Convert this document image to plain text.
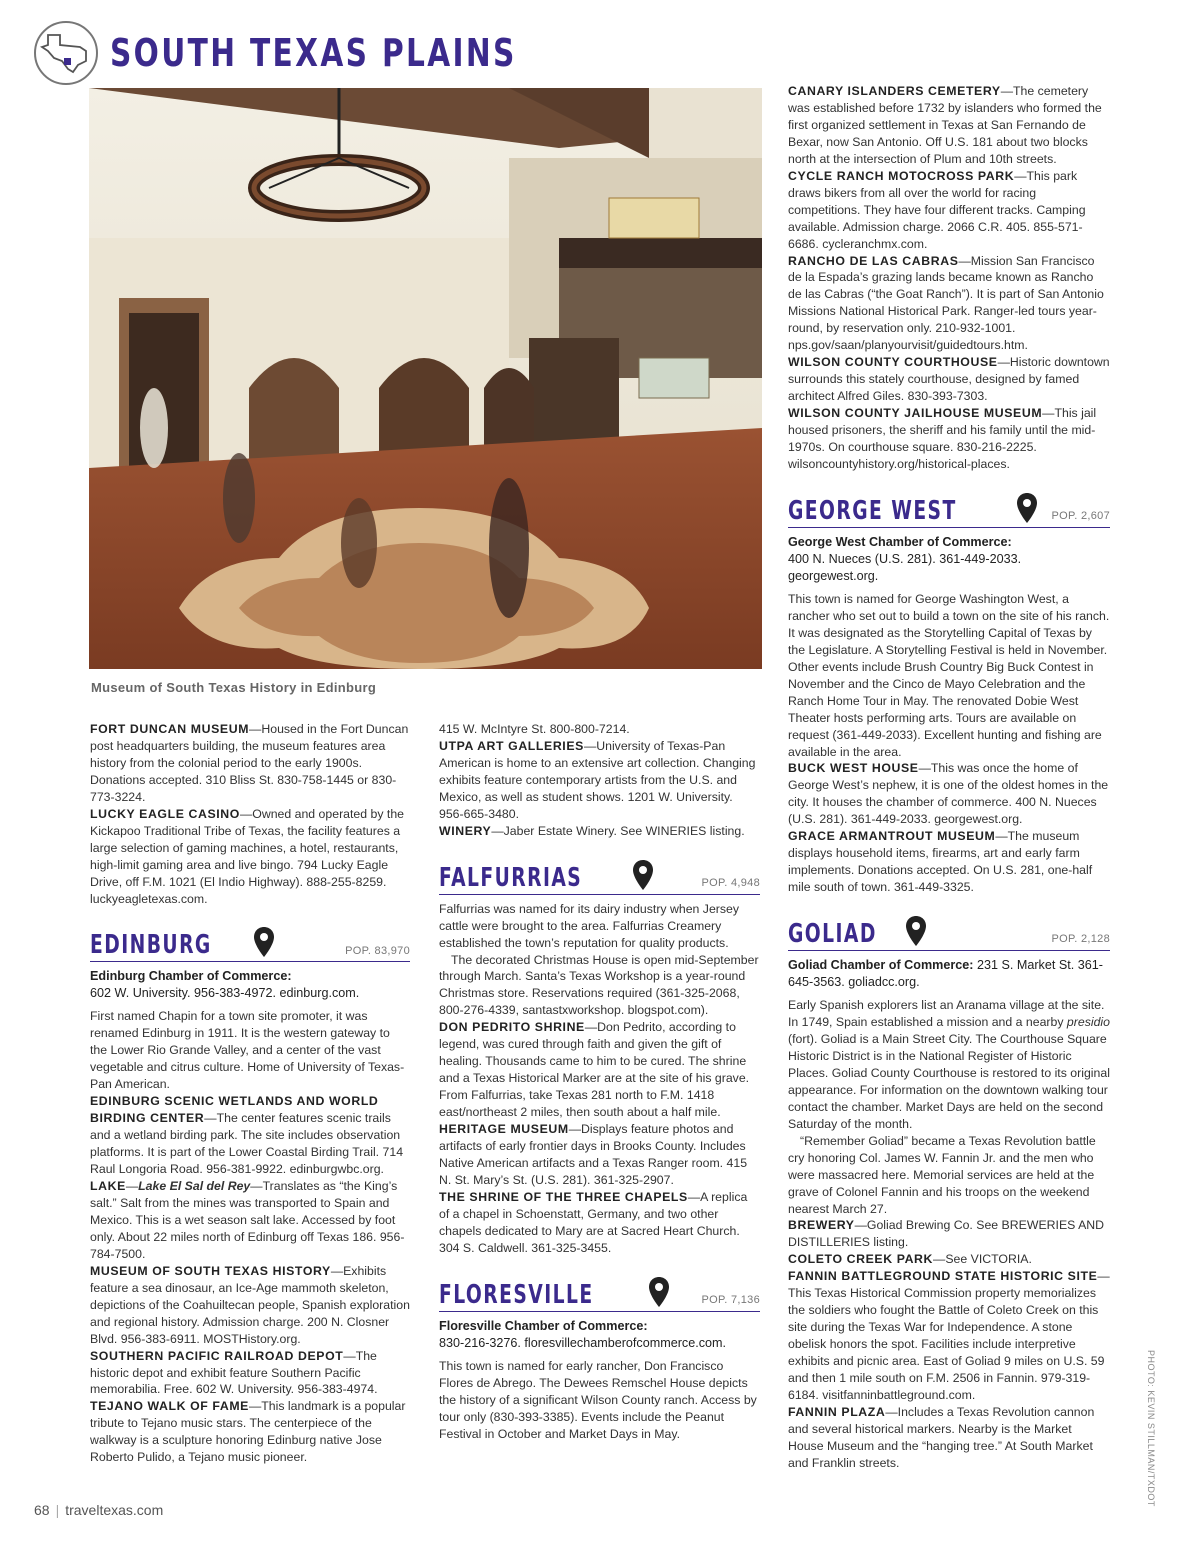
SOUTH TEXAS PLAINS
Museum of South Texas History in Edinburg

FORT DUNCAN MUSEUM—Housed in the Fort Duncan post headquarters building, the museum features area history from the colonial period to the early 1900s. Donations accepted. 310 Bliss St. 830-758-1445 or 830-773-3224.

LUCKY EAGLE CASINO—Owned and operated by the Kickapoo Traditional Tribe of Texas, the facility features a large selection of gaming machines, a hotel, restaurants, high-limit gaming area and live bingo. 794 Lucky Eagle Drive, off F.M. 1021 (El Indio Highway). 888-255-8259. luckyeagletexas.com.

EDINBURG	POP. 83,970
Edinburg Chamber of Commerce:
602 W. University. 956-383-4972. edinburg.com.

First named Chapin for a town site promoter, it was renamed Edinburg in 1911. It is the western gateway to the Lower Rio Grande Valley, and a center of the vast vegetable and citrus culture. Home of University of Texas-Pan American.

EDINBURG SCENIC WETLANDS AND WORLD BIRDING CENTER—The center features scenic trails and a wetland birding park. The site includes observation platforms. It is part of the Lower Coastal Birding Trail. 714 Raul Longoria Road. 956-381-9922. edinburgwbc.org.

LAKE—Lake El Sal del Rey—Translates as “the King’s salt.” Salt from the mines was transported to Spain and Mexico. This is a wet season salt lake. Accessed by foot only. About 22 miles north of Edinburg off Texas 186. 956-784-7500.

MUSEUM OF SOUTH TEXAS HISTORY—Exhibits feature a sea dinosaur, an Ice-Age mammoth skeleton, depictions of the Coahuiltecan people, Spanish exploration and regional history. Admission charge. 200 N. Closner Blvd. 956-383-6911. MOSTHistory.org.

SOUTHERN PACIFIC RAILROAD DEPOT—The historic depot and exhibit feature Southern Pacific memorabilia. Free. 602 W. University. 956-383-4974.

TEJANO WALK OF FAME—This landmark is a popular tribute to Tejano music stars. The centerpiece of the walkway is a sculpture honoring Edinburg native Jose Roberto Pulido, a Tejano music pioneer.

415 W. McIntyre St. 800-800-7214.

UTPA ART GALLERIES—University of Texas-Pan American is home to an extensive art collection. Changing exhibits feature contemporary artists from the U.S. and Mexico, as well as student shows. 1201 W. University. 956-665-3480.

WINERY—Jaber Estate Winery. See WINERIES listing.

FALFURRIAS	POP. 4,948

Falfurrias was named for its dairy industry when Jersey cattle were brought to the area. Falfurrias Creamery established the town’s reputation for quality products.

The decorated Christmas House is open mid-September through March. Santa’s Texas Workshop is a year-round Christmas store. Reservations required (361-325-2068, 800-276-4339, santastxworkshop. blogspot.com).

DON PEDRITO SHRINE—Don Pedrito, according to legend, was cured through faith and given the gift of healing. Thousands came to him to be cured. The shrine and a Texas Historical Marker are at the site of his grave. From Falfurrias, take Texas 281 north to F.M. 1418 east/northeast 2 miles, then south about a half mile.

HERITAGE MUSEUM—Displays feature photos and artifacts of early frontier days in Brooks County. Includes Native American artifacts and a Texas Ranger room. 415 N. St. Mary’s St. (U.S. 281). 361-325-2907.

THE SHRINE OF THE THREE CHAPELS—A replica of a chapel in Schoenstatt, Germany, and two other chapels dedicated to Mary are at Sacred Heart Church. 304 S. Caldwell. 361-325-3455.

FLORESVILLE	POP. 7,136
Floresville Chamber of Commerce:
830-216-3276. floresvillechamberofcommerce.com.

This town is named for early rancher, Don Francisco Flores de Abrego. The Dewees Remschel House depicts the history of a significant Wilson County ranch. Access by tour only (830-393-3385). Events include the Peanut Festival in October and Market Days in May.

CANARY ISLANDERS CEMETERY—The cemetery was established before 1732 by islanders who formed the first organized settlement in Texas at San Fernando de Bexar, now San Antonio. Off U.S. 181 about two blocks north at the intersection of Plum and 10th streets.

CYCLE RANCH MOTOCROSS PARK—This park draws bikers from all over the world for racing competitions. They have four different tracks. Camping available. Admission charge. 2066 C.R. 405. 855-571-6686. cycleranchmx.com.

RANCHO DE LAS CABRAS—Mission San Francisco de la Espada’s grazing lands became known as Rancho de las Cabras (“the Goat Ranch”). It is part of San Antonio Missions National Historical Park. Ranger-led tours year-round, by reservation only. 210-932-1001. nps.gov/saan/planyourvisit/guidedtours.htm.

WILSON COUNTY COURTHOUSE—Historic downtown surrounds this stately courthouse, designed by famed architect Alfred Giles. 830-393-7303.

WILSON COUNTY JAILHOUSE MUSEUM—This jail housed prisoners, the sheriff and his family until the mid-1970s. On courthouse square. 830-216-2225. wilsoncountyhistory.org/historical-places.

GEORGE WEST	POP. 2,607
George West Chamber of Commerce:
400 N. Nueces (U.S. 281). 361-449-2033. georgewest.org.

This town is named for George Washington West, a rancher who set out to build a town on the site of his ranch. It was designated as the Storytelling Capital of Texas by the Legislature. A Storytelling Festival is held in November. Other events include Brush Country Big Buck Contest in November and the Cinco de Mayo Celebration and the Ranch Home Tour in May. The renovated Dobie West Theater hosts performing arts. Tours are available on request (361-449-2033). Excellent hunting and fishing are available in the area.

BUCK WEST HOUSE—This was once the home of George West’s nephew, it is one of the oldest homes in the city. It houses the chamber of commerce. 400 N. Nueces (U.S. 281). 361-449-2033. georgewest.org.

GRACE ARMANTROUT MUSEUM—The museum displays household items, firearms, art and early farm implements. Donations accepted. On U.S. 281, one-half mile south of town. 361-449-3325.

GOLIAD	POP. 2,128
Goliad Chamber of Commerce: 231 S. Market St. 361-645-3563. goliadcc.org.

Early Spanish explorers list an Aranama village at the site. In 1749, Spain established a mission and a nearby presidio (fort). Goliad is a Main Street City. The Courthouse Square Historic District is in the National Register of Historic Places. Goliad County Courthouse is restored to its original appearance. For information on the downtown walking tour contact the chamber. Market Days are held on the second Saturday of the month.

“Remember Goliad” became a Texas Revolution battle cry honoring Col. James W. Fannin Jr. and the men who were massacred here. Memorial services are held at the grave of Colonel Fannin and his troops on the weekend nearest March 27.

BREWERY—Goliad Brewing Co. See BREWERIES AND DISTILLERIES listing.

COLETO CREEK PARK—See VICTORIA.

FANNIN BATTLEGROUND STATE HISTORIC SITE—This Texas Historical Commission property memorializes the soldiers who fought the Battle of Coleto Creek on this site during the Texas War for Independence. A stone obelisk honors the spot. Facilities include interpretive exhibits and picnic area. East of Goliad 9 miles on U.S. 59 and then 1 mile south on F.M. 2506 in Fannin. 979-319-6184. visitfanninbattleground.com.

FANNIN PLAZA—Includes a Texas Revolution cannon and several historical markers. Nearby is the Market House Museum and the “hanging tree.” At South Market and Franklin streets.	PHOTO: KEVIN STILLMAN/TXDOT
68 | traveltexas.com
